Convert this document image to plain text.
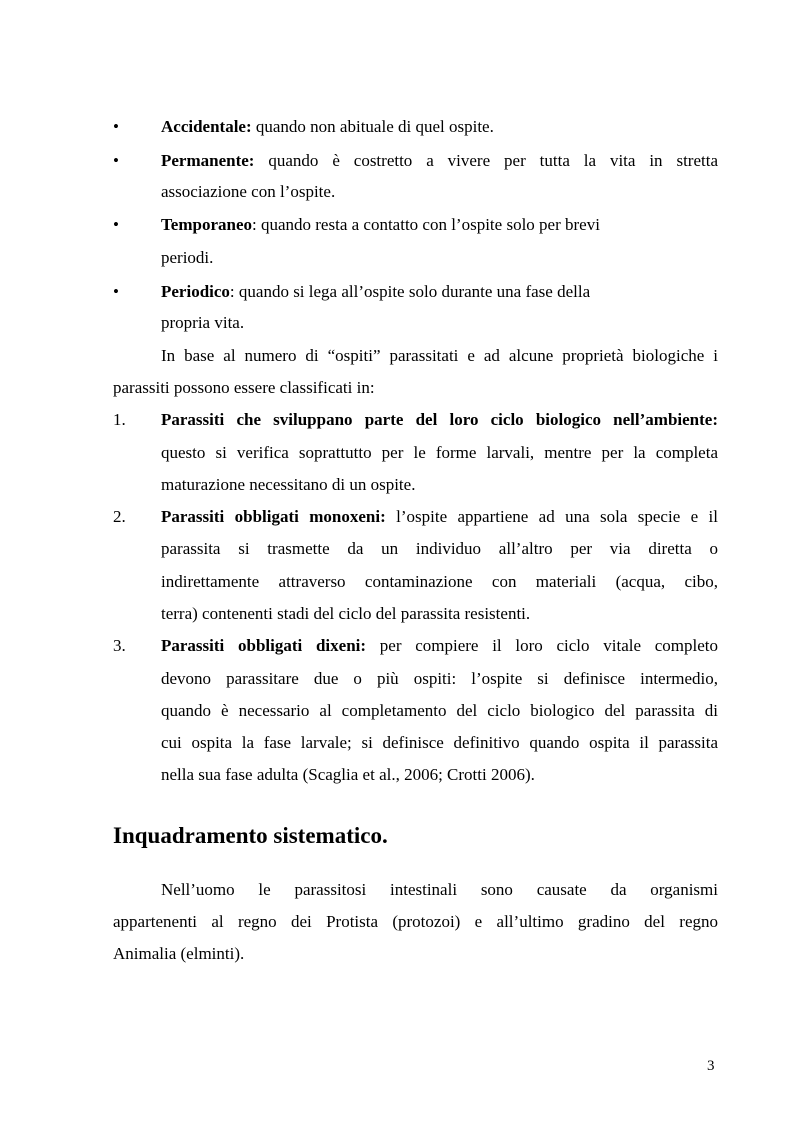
• Accidentale: quando non abituale di quel ospite.
• Permanente: quando è costretto a vivere per tutta la vita in stretta
associazione con l’ospite.
• Temporaneo: quando resta a contatto con l’ospite solo per brevi
periodi.
• Periodico: quando si lega all’ospite solo durante una fase della
propria vita.
In base al numero di “ospiti” parassitati e ad alcune proprietà biologiche i
parassiti possono essere classificati in:
1. Parassiti che sviluppano parte del loro ciclo biologico nell’ambiente:
questo si verifica soprattutto per le forme larvali, mentre per la completa
maturazione necessitano di un ospite.
2. Parassiti obbligati monoxeni: l’ospite appartiene ad una sola specie e il
parassita si trasmette da un individuo all’altro per via diretta o
indirettamente attraverso contaminazione con materiali (acqua, cibo,
terra) contenenti stadi del ciclo del parassita resistenti.
3. Parassiti obbligati dixeni: per compiere il loro ciclo vitale completo
devono parassitare due o più ospiti: l’ospite si definisce intermedio,
quando è necessario al completamento del ciclo biologico del parassita di
cui ospita la fase larvale; si definisce definitivo quando ospita il parassita
nella sua fase adulta (Scaglia et al., 2006; Crotti 2006).
Inquadramento sistematico.
Nell’uomo le parassitosi intestinali sono causate da organismi
appartenenti al regno dei Protista (protozoi) e all’ultimo gradino del regno
Animalia (elminti).
3
